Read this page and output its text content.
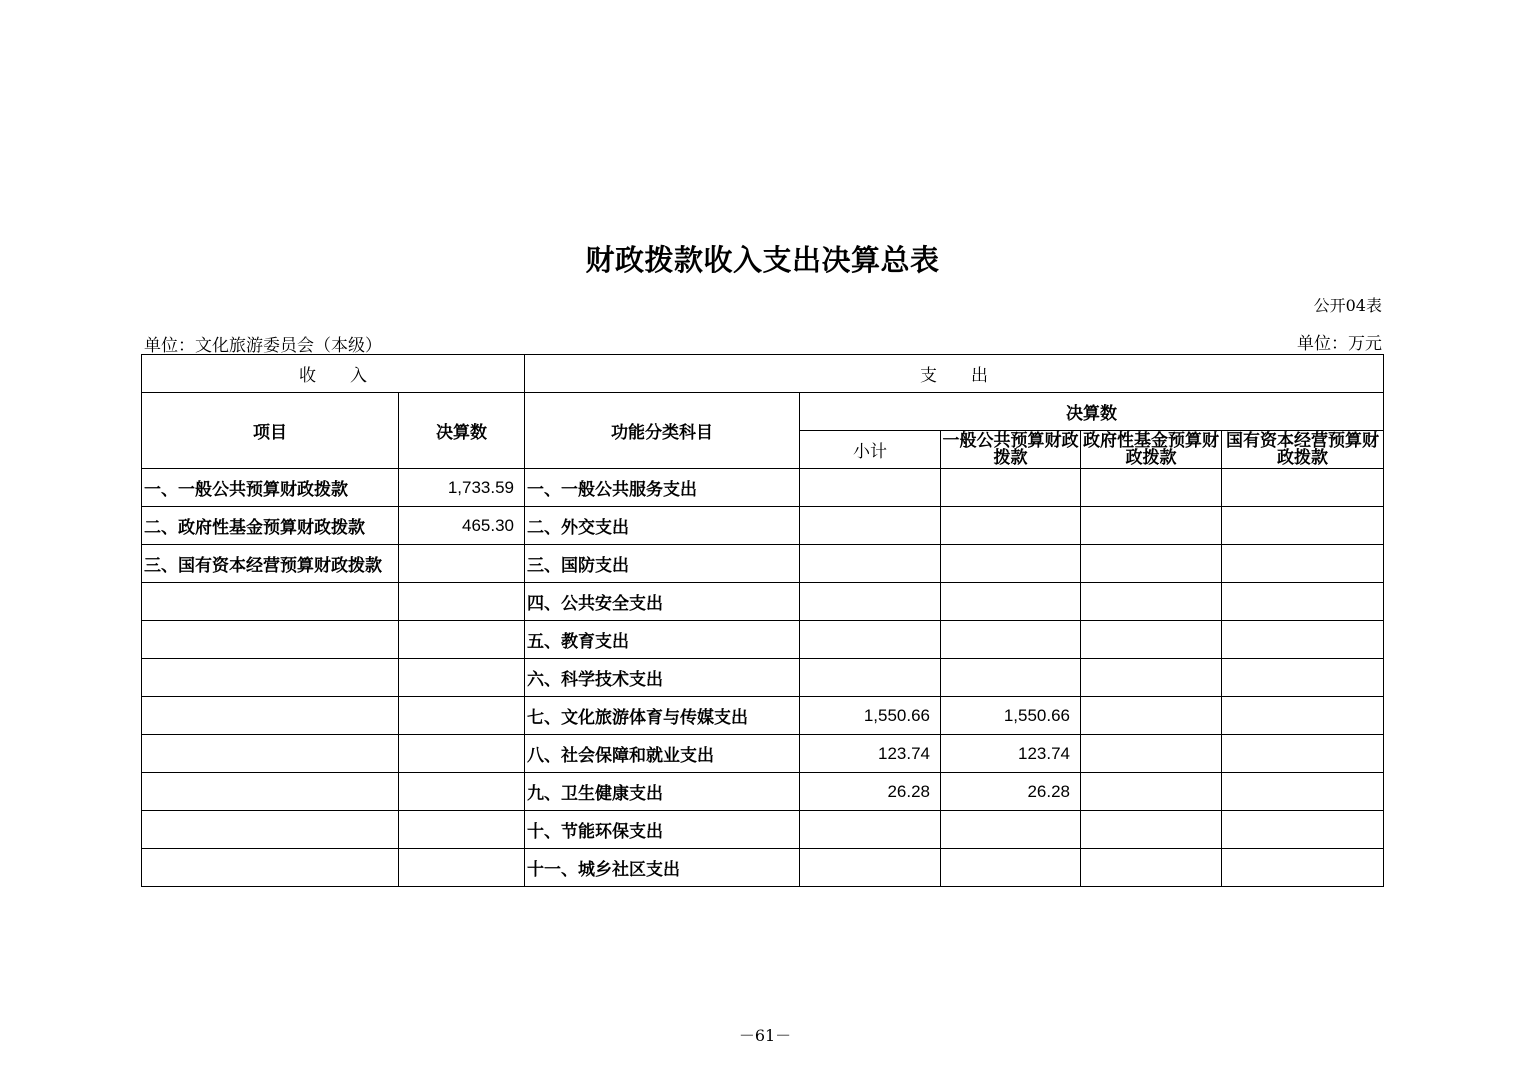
财政拨款收入支出决算总表
公开04表
单位：文化旅游委员会（本级）	单位：万元
收　　入		支　　出				
项目	决算数	功能分类科目	决算数			
			小计	一般公共预算财政拨款	政府性基金预算财政拨款	国有资本经营预算财政拨款
一、一般公共预算财政拨款	1,733.59	一、一般公共服务支出				
二、政府性基金预算财政拨款	465.30	二、外交支出				
三、国有资本经营预算财政拨款		三、国防支出				
		四、公共安全支出				
		五、教育支出				
		六、科学技术支出				
		七、文化旅游体育与传媒支出	1,550.66	1,550.66		
		八、社会保障和就业支出	123.74	123.74		
		九、卫生健康支出	26.28	26.28		
		十、节能环保支出				
		十一、城乡社区支出				
－61－
